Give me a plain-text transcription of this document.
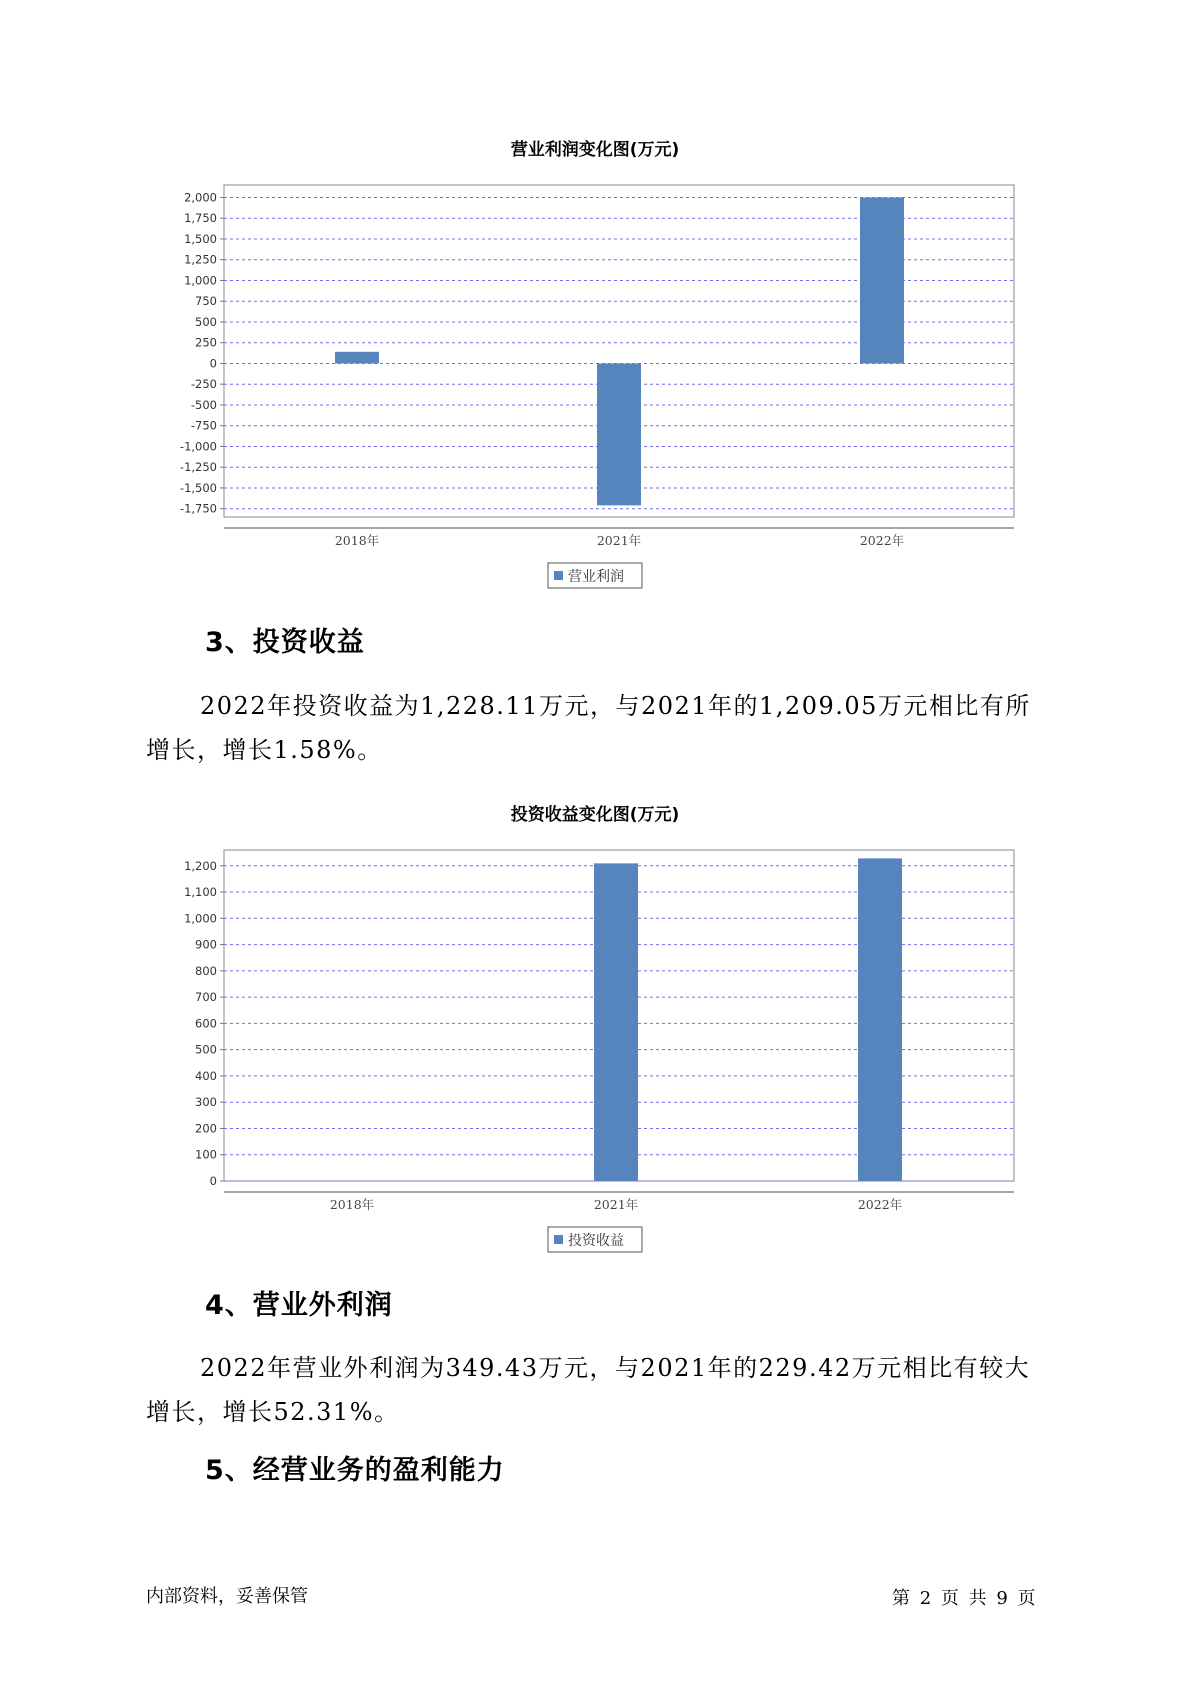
营业利润变化图(万元)
2,000
1,750
1,500
1,250
1,000
750
500
250
0
-250
-500
-750
-1,000
-1,250
-1,500
-1,750
2018年	2021年	2022年
营业利润
3、投资收益

2022年投资收益为1,228.11万元，与2021年的1,209.05万元相比有所增长，增长1.58%。

投资收益变化图(万元)
1,200
1,100
1,000
900
800
700
600
500
400
300
200
100
0
2018年	2021年	2022年
投资收益
4、营业外利润

2022年营业外利润为349.43万元，与2021年的229.42万元相比有较大增长，增长52.31%。

5、经营业务的盈利能力
内部资料，妥善保管	第 2 页 共 9 页
